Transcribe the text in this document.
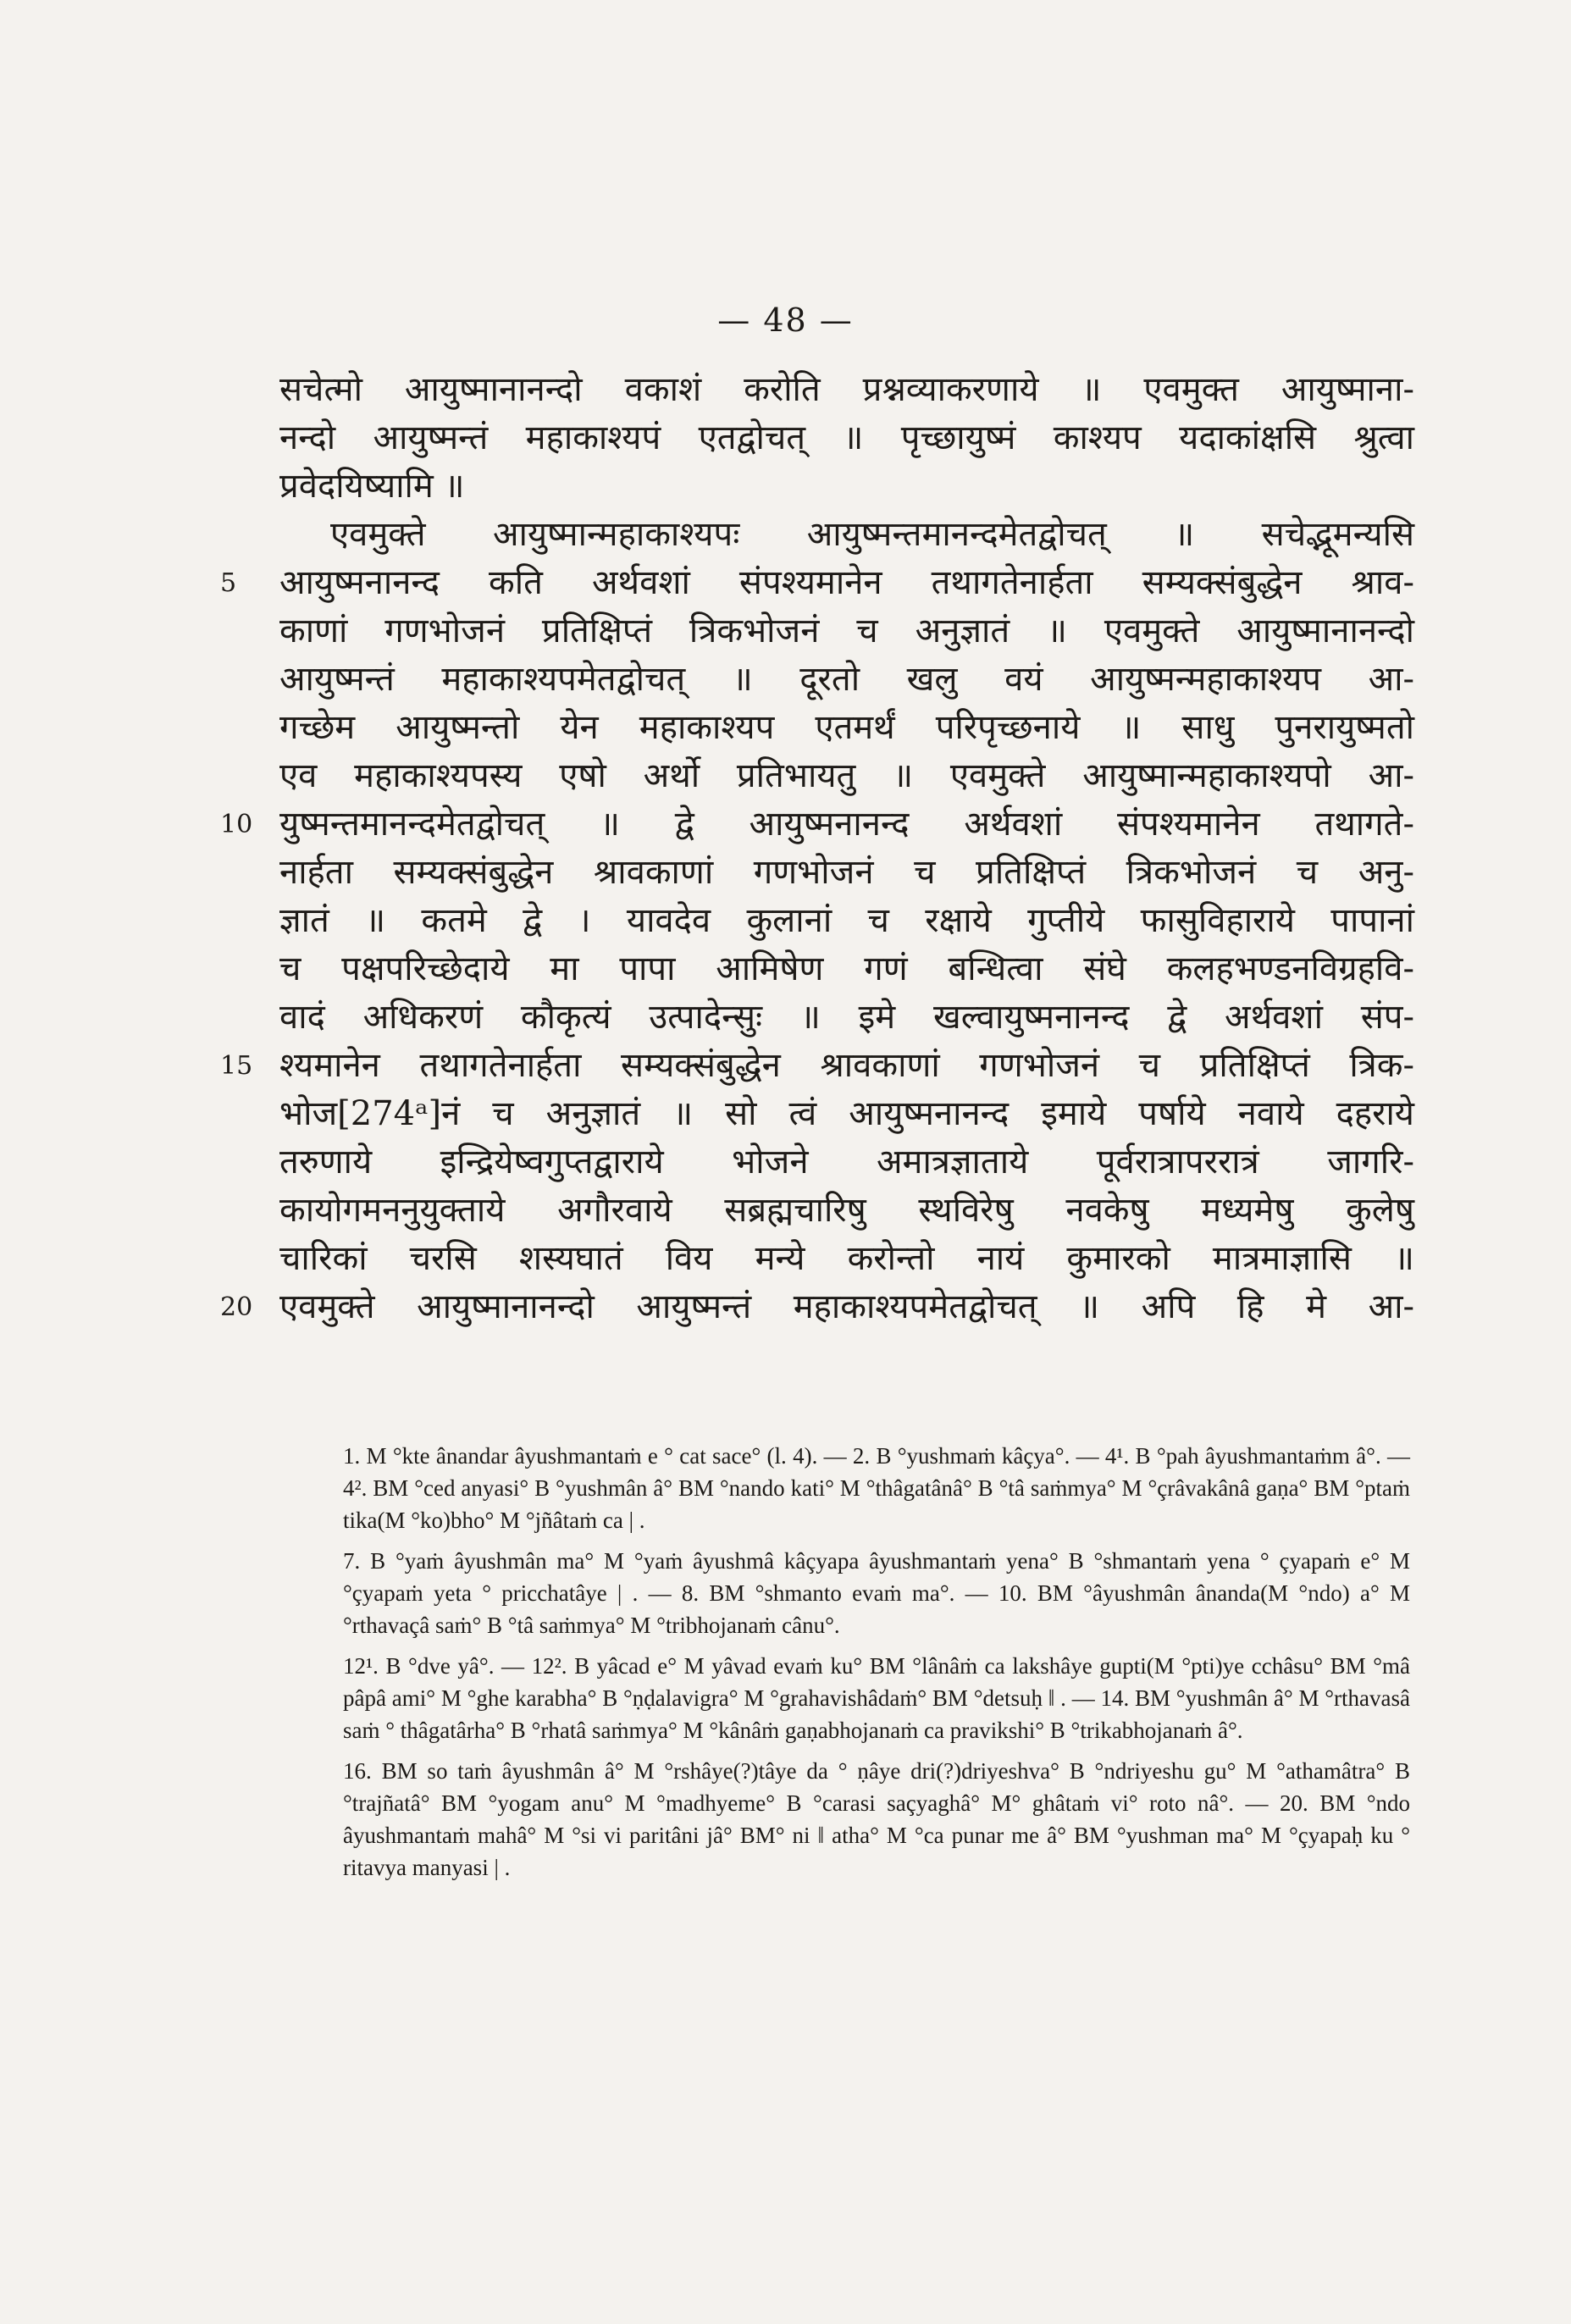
— 48 —
सचेत्मो आयुष्मानानन्दो वकाशं करोति प्रश्नव्याकरणाये ॥ एवमुक्त आयुष्माना-
नन्दो आयुष्मन्तं महाकाश्यपं एतद्वोचत् ॥ पृच्छायुष्मं काश्यप यदाकांक्षसि श्रुत्वा
प्रवेदयिष्यामि ॥
एवमुक्ते आयुष्मान्महाकाश्यपः आयुष्मन्तमानन्दमेतद्वोचत् ॥ सचेद्भूमन्यसि
5	आयुष्मनानन्द कति अर्थवशां संपश्यमानेन तथागतेनार्हता सम्यक्संबुद्धेन श्राव-
काणां गणभोजनं प्रतिक्षिप्तं त्रिकभोजनं च अनुज्ञातं ॥ एवमुक्ते आयुष्मानानन्दो
आयुष्मन्तं महाकाश्यपमेतद्वोचत् ॥ दूरतो खलु वयं आयुष्मन्महाकाश्यप आ-
गच्छेम आयुष्मन्तो येन महाकाश्यप एतमर्थं परिपृच्छनाये ॥ साधु पुनरायुष्मतो
एव महाकाश्यपस्य एषो अर्थो प्रतिभायतु ॥ एवमुक्ते आयुष्मान्महाकाश्यपो आ-
10 युष्मन्तमानन्दमेतद्वोचत् ॥ द्वे आयुष्मनानन्द अर्थवशां संपश्यमानेन तथागते-
नार्हता सम्यक्संबुद्धेन श्रावकाणां गणभोजनं च प्रतिक्षिप्तं त्रिकभोजनं च अनु-
ज्ञातं ॥ कतमे द्वे । यावदेव कुलानां च रक्षाये गुप्तीये फासुविहाराये पापानां
च पक्षपरिच्छेदाये मा पापा आमिषेण गणं बन्धित्वा संघे कलहभण्डनविग्रहवि-
वादं अधिकरणं कौकृत्यं उत्पादेन्सुः ॥ इमे खल्वायुष्मनानन्द द्वे अर्थवशां संप-
15 श्यमानेन तथागतेनार्हता सम्यक्संबुद्धेन श्रावकाणां गणभोजनं च प्रतिक्षिप्तं त्रिक-
भोज[274ᵃ]नं च अनुज्ञातं ॥ सो त्वं आयुष्मनानन्द इमाये पर्षाये नवाये दहराये
तरुणाये इन्द्रियेष्वगुप्तद्वाराये भोजने अमात्रज्ञाताये पूर्वरात्रापररात्रं जागरि-
कायोगमननुयुक्ताये अगौरवाये सब्रह्मचारिषु स्थविरेषु नवकेषु मध्यमेषु कुलेषु
चारिकां चरसि शस्यघातं विय मन्ये करोन्तो नायं कुमारको मात्रमाज्ञासि ॥
20 एवमुक्ते आयुष्मानानन्दो आयुष्मन्तं महाकाश्यपमेतद्वोचत् ॥ अपि हि मे आ-

1. M °kte ânandar âyushmantaṁ e ° cat sace° (l. 4). — 2. B °yushmaṁ kâçya°. — 4¹. B °pah âyushmantaṁm â°. — 4². BM °ced anyasi° B °yushmân â° BM °nando kati° M °thâgatânâ° B °tâ saṁmya° M °çrâvakânâ gaṇa° BM °ptaṁ tika(M °ko)bho° M °jñâtaṁ ca | .

7. B °yaṁ âyushmân ma° M °yaṁ âyushmâ kâçyapa âyushmantaṁ yena° B °shmantaṁ yena ° çyapaṁ e° M °çyapaṁ yeta ° pricchatâye | . — 8. BM °shmanto evaṁ ma°. — 10. BM °âyushmân ânanda(M °ndo) a° M °rthavaçâ saṁ° B °tâ saṁmya° M °tribhojanaṁ cânu°.

12¹. B °dve yâ°. — 12². B yâcad e° M yâvad evaṁ ku° BM °lânâṁ ca lakshâye gupti(M °pti)ye cchâsu° BM °mâ pâpâ ami° M °ghe karabha° B °ṇḍalavigra° M °grahavishâdaṁ° BM °detsuḥ ‖ . — 14. BM °yushmân â° M °rthavasâ saṁ ° thâgatârha° B °rhatâ saṁmya° M °kânâṁ gaṇabhojanaṁ ca pravikshi° B °trikabhojanaṁ â°.

16. BM so taṁ âyushmân â° M °rshâye(?)tâye da ° ṇâye dri(?)driyeshva° B °ndriyeshu gu° M °athamâtra° B °trajñatâ° BM °yogam anu° M °madhyeme° B °carasi saçyaghâ° M° ghâtaṁ vi° roto nâ°. — 20. BM °ndo âyushmantaṁ mahâ° M °si vi paritâni jâ° BM° ni ‖ atha° M °ca punar me â° BM °yushman ma° M °çyapaḥ ku ° ritavya manyasi | .
